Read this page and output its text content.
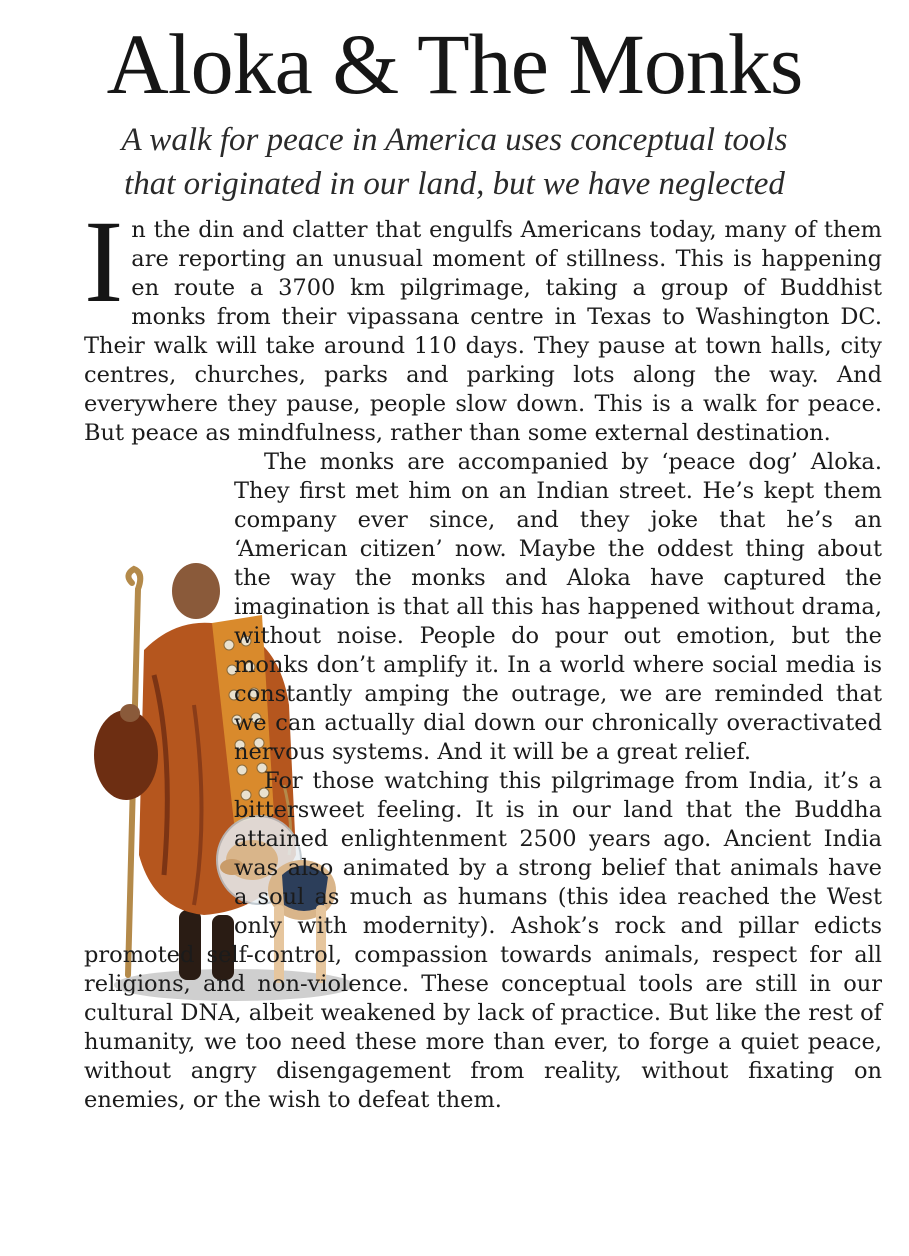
Aloka & The Monks
A walk for peace in America uses conceptual tools
that originated in our land, but we have neglected

In the din and clatter that engulfs Americans today, many of them are reporting an unusual moment of stillness. This is happening en route a 3700 km pilgrimage, taking a group of Buddhist monks from their vipassana centre in Texas to Washington DC. Their walk will take around 110 days. They pause at town halls, city centres, churches, parks and parking lots along the way. And everywhere they pause, people slow down. This is a walk for peace. But peace as mindfulness, rather than some external destination.

The monks are accompanied by ‘peace dog’ Aloka. They first met him on an Indian street. He’s kept them company ever since, and they joke that he’s an ‘American citizen’ now. Maybe the oddest thing about the way the monks and Aloka have captured the imagination is that all this has happened without drama, without noise. People do pour out emotion, but the monks don’t amplify it. In a world where social media is constantly amping the outrage, we are reminded that we can actually dial down our chronically overactivated nervous systems. And it will be a great relief.

For those watching this pilgrimage from India, it’s a bittersweet feeling. It is in our land that the Buddha attained enlightenment 2500 years ago. Ancient India was also animated by a strong belief that animals have a soul as much as humans (this idea reached the West only with modernity). Ashok’s rock and pillar edicts promoted self-control, compassion towards animals, respect for all religions, and non-violence. These conceptual tools are still in our cultural DNA, albeit weakened by lack of practice. But like the rest of humanity, we too need these more than ever, to forge a quiet peace, without angry disengagement from reality, without fixating on enemies, or the wish to defeat them.
